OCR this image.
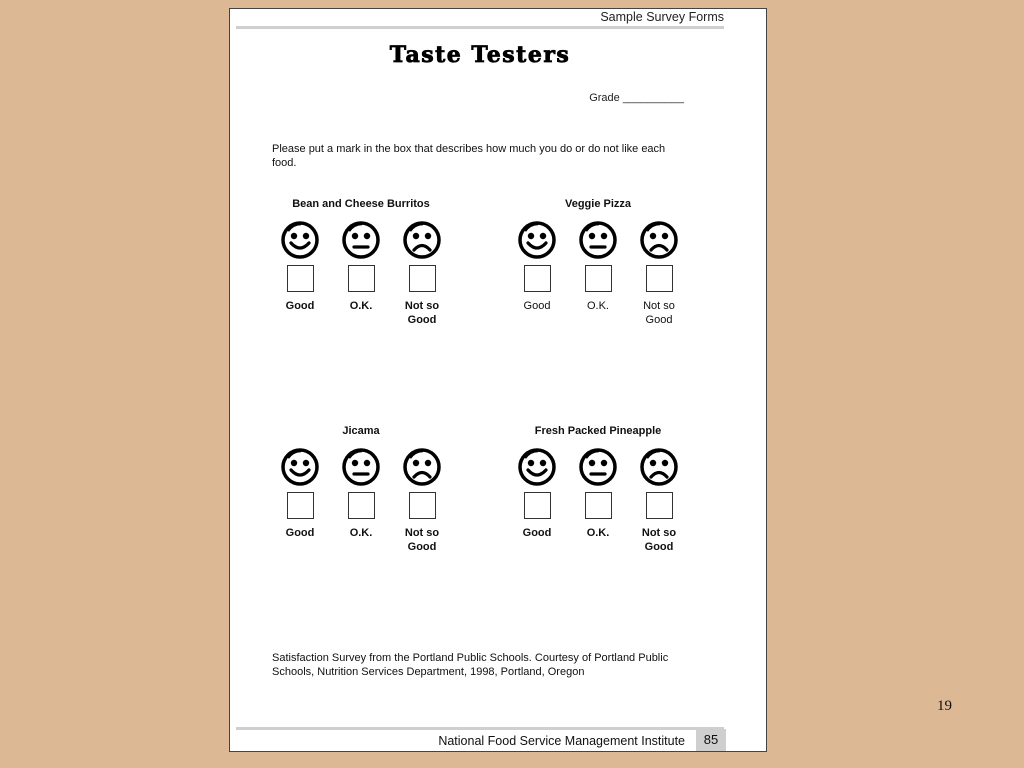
Sample Survey Forms
Taste Testers
Grade __________
Please put a mark in the box that describes how much you do or do not like each food.
Bean and Cheese Burritos
Good	O.K.	Not so Good
Veggie Pizza
Good	O.K.	Not so Good
Jicama
Good	O.K.	Not so Good
Fresh Packed Pineapple
Good	O.K.	Not so Good
Satisfaction Survey from the Portland Public Schools. Courtesy of Portland Public Schools, Nutrition Services Department, 1998, Portland, Oregon
National Food Service Management Institute	85
19
